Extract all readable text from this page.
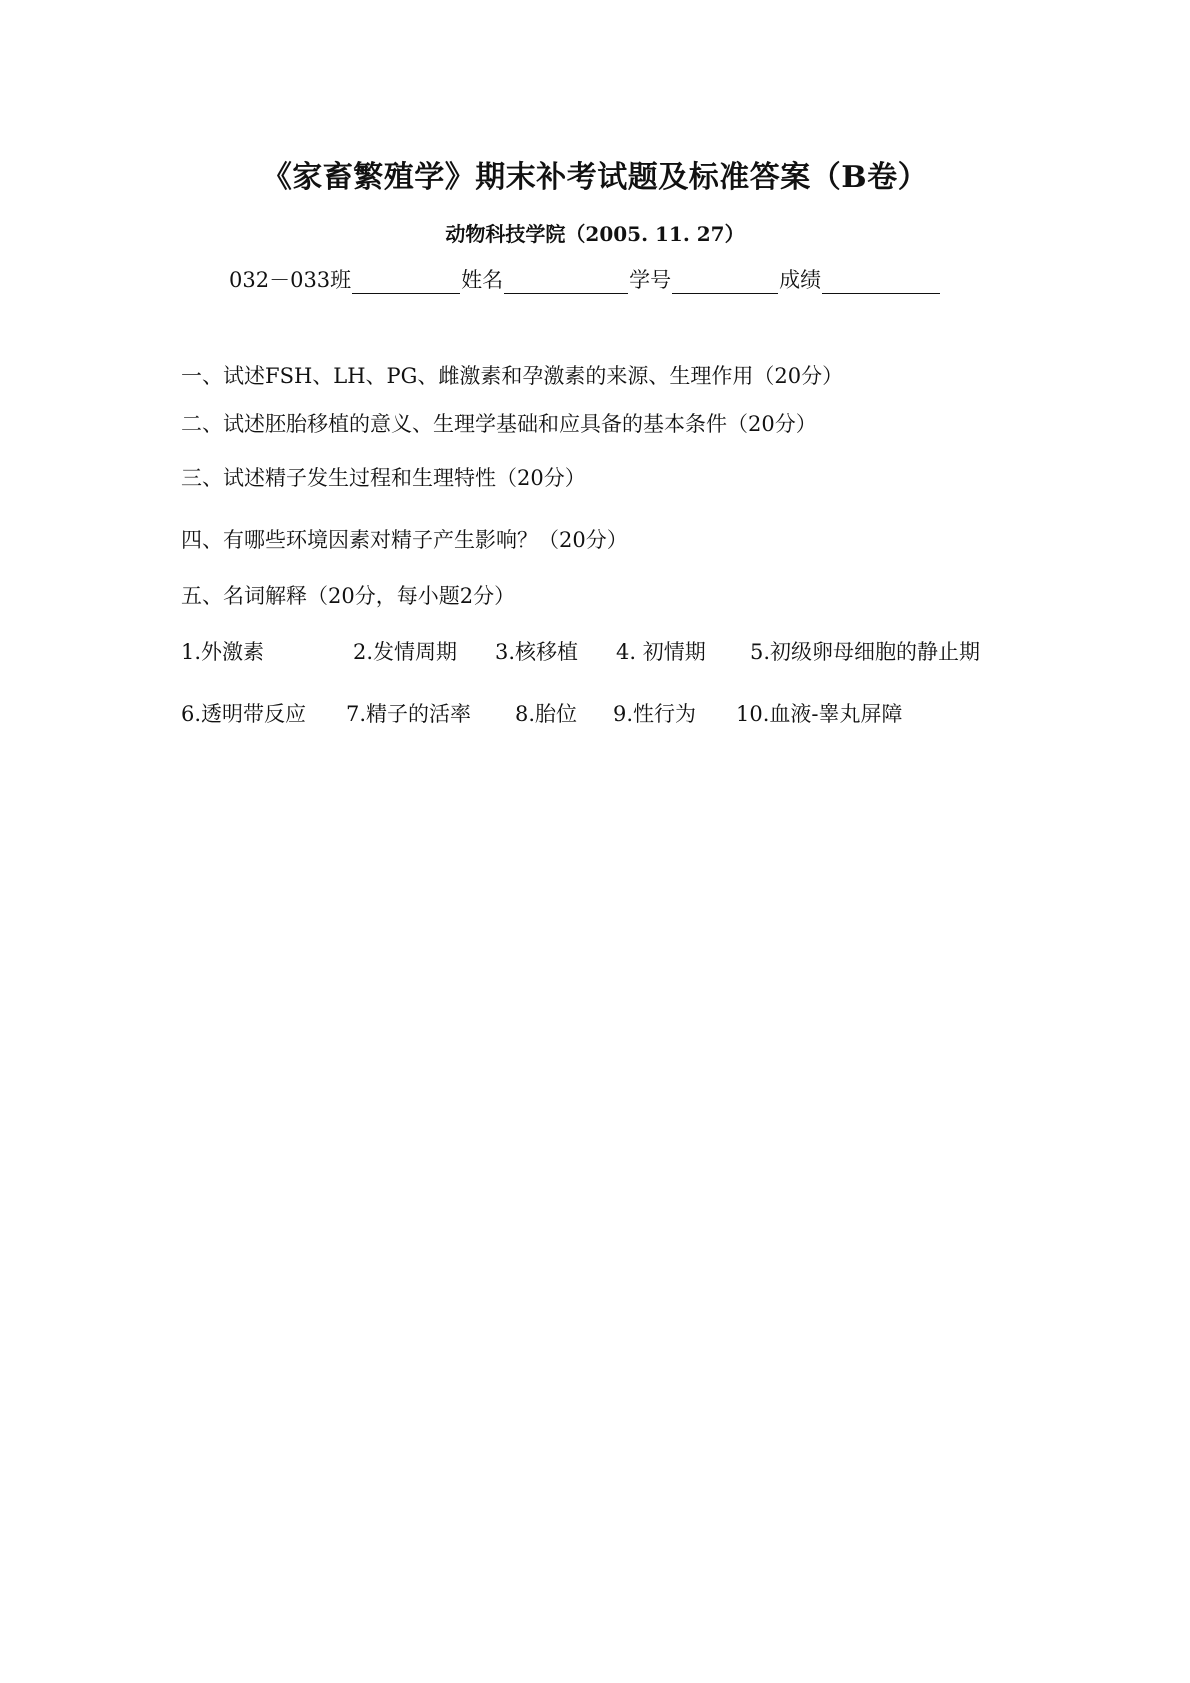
《家畜繁殖学》期末补考试题及标准答案（B卷）
动物科技学院（2005. 11. 27）
032－033班	姓名	学号	成绩
一、试述FSH、LH、PG、雌激素和孕激素的来源、生理作用（20分）
二、试述胚胎移植的意义、生理学基础和应具备的基本条件（20分）
三、试述精子发生过程和生理特性（20分）
四、有哪些环境因素对精子产生影响？（20分）
五、名词解释（20分，每小题2分）
1.外激素	2.发情周期 3.核移植 4. 初情期 5.初级卵母细胞的静止期
6.透明带反应 7.精子的活率 8.胎位 9.性行为 10.血液-睾丸屏障
